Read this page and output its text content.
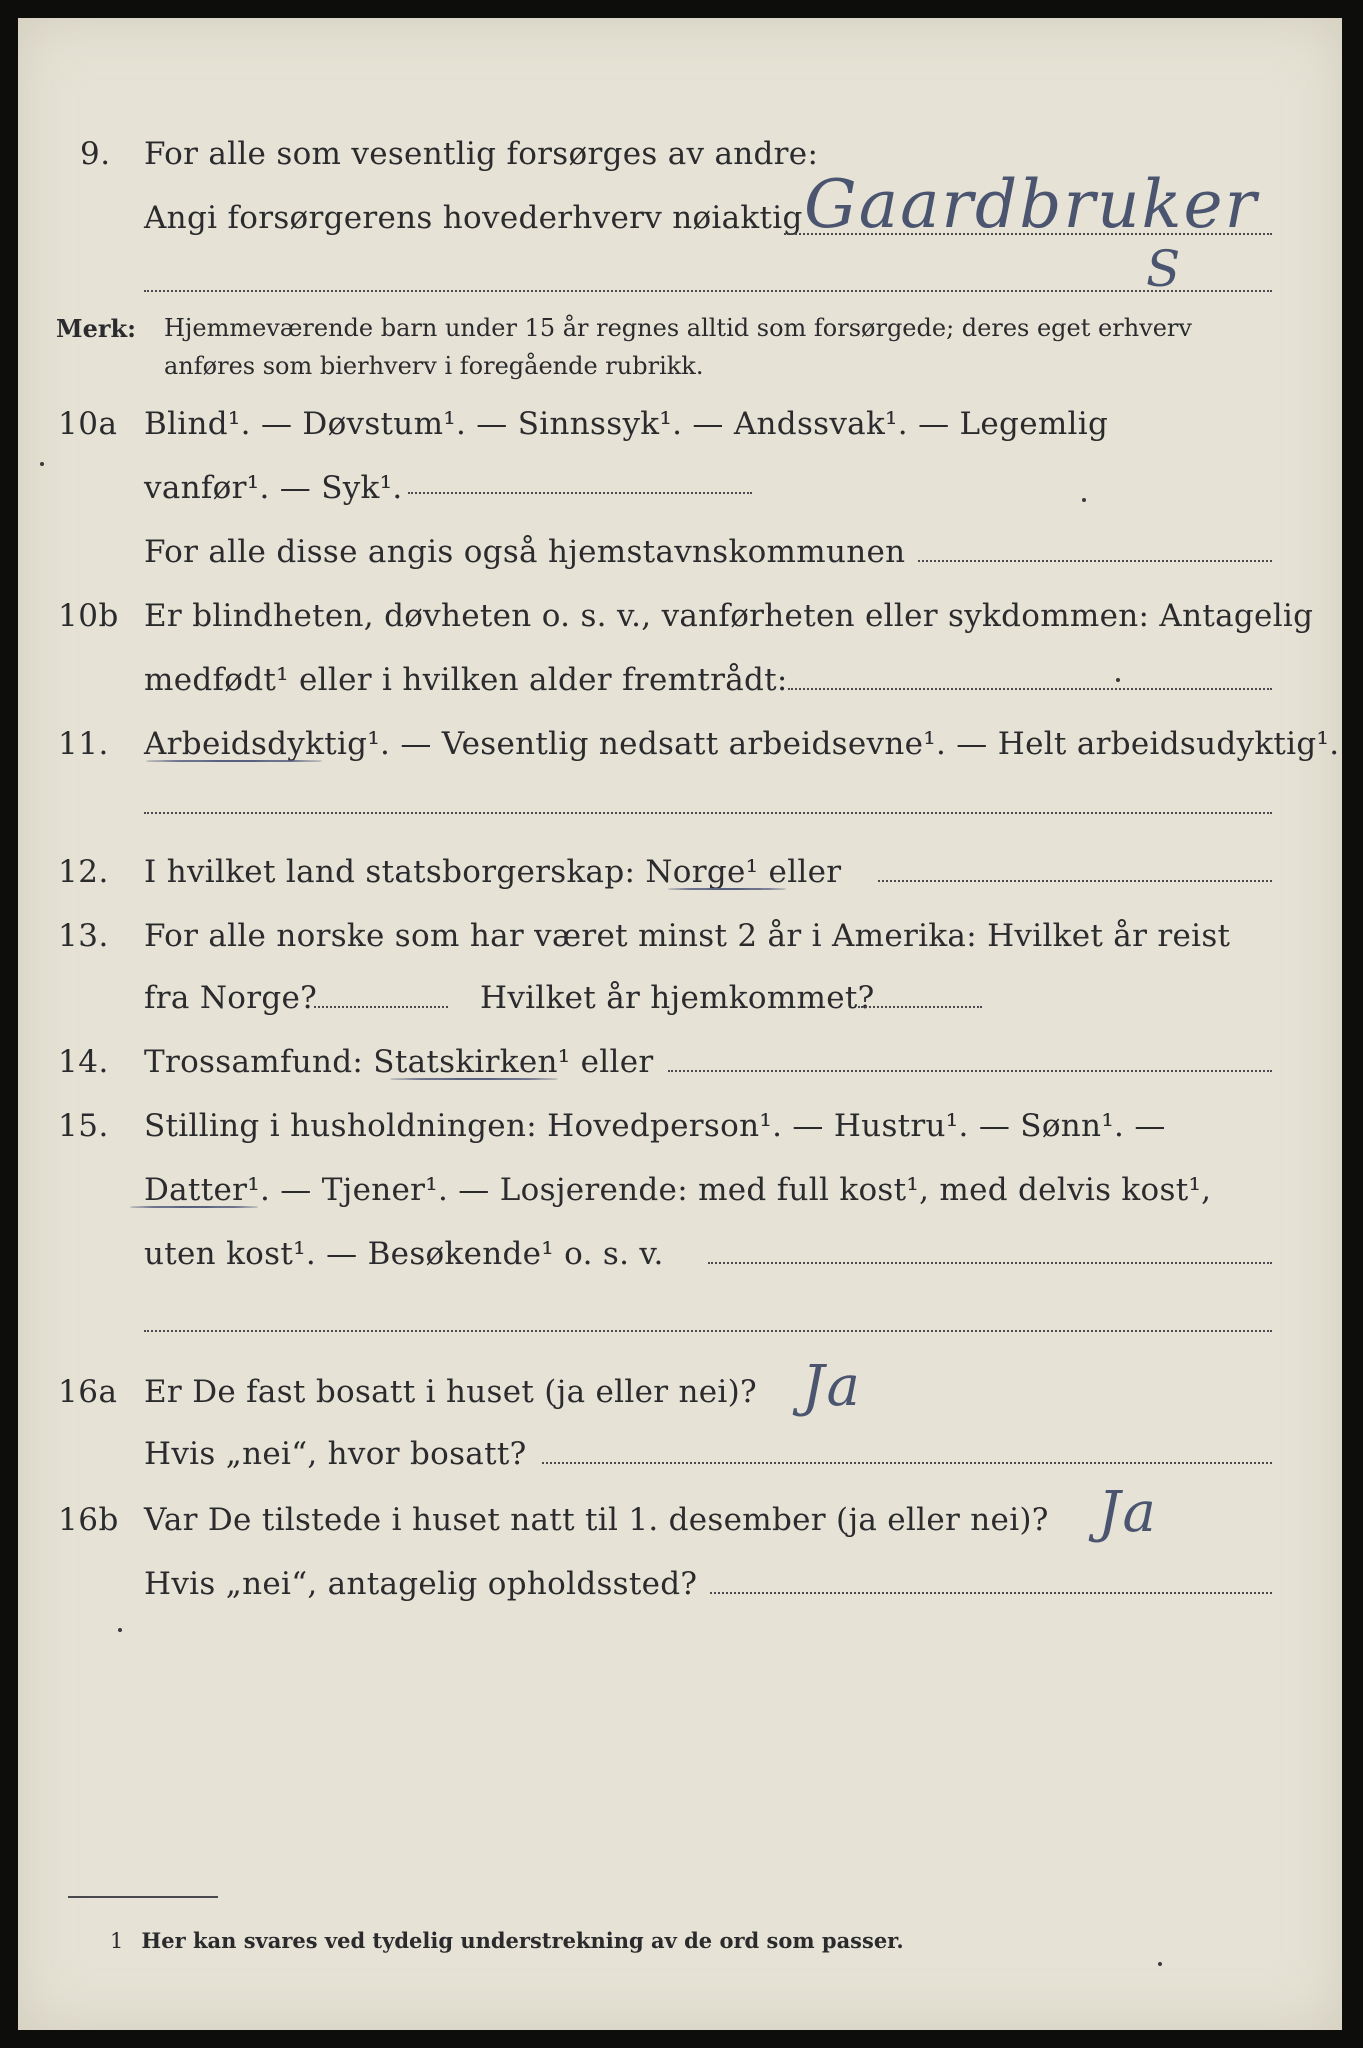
9. For alle som vesentlig forsørges av andre:
Angi forsørgerens hovederhverv nøiaktig Gaardbruker
S
Merk: Hjemmeværende barn under 15 år regnes alltid som forsørgede; deres eget erhverv
anføres som bierhverv i foregående rubrikk.
10a Blind¹. — Døvstum¹. — Sinnssyk¹. — Andssvak¹. — Legemlig
vanfør¹. — Syk¹.
For alle disse angis også hjemstavnskommunen
10b Er blindheten, døvheten o. s. v., vanførheten eller sykdommen: Antagelig
medfødt¹ eller i hvilken alder fremtrådt:
11. Arbeidsdyktig¹. — Vesentlig nedsatt arbeidsevne¹. — Helt arbeidsudyktig¹.
12. I hvilket land statsborgerskap: Norge¹ eller
13. For alle norske som har været minst 2 år i Amerika: Hvilket år reist
fra Norge?	Hvilket år hjemkommet?
14. Trossamfund: Statskirken¹ eller
15. Stilling i husholdningen: Hovedperson¹. — Hustru¹. — Sønn¹. —
Datter¹. — Tjener¹. — Losjerende: med full kost¹, med delvis kost¹,
uten kost¹. — Besøkende¹ o. s. v.
16a Er De fast bosatt i huset (ja eller nei)? Ja
Hvis „nei“, hvor bosatt?
16b Var De tilstede i huset natt til 1. desember (ja eller nei)? Ja
Hvis „nei“, antagelig opholdssted?
1 Her kan svares ved tydelig understrekning av de ord som passer.
